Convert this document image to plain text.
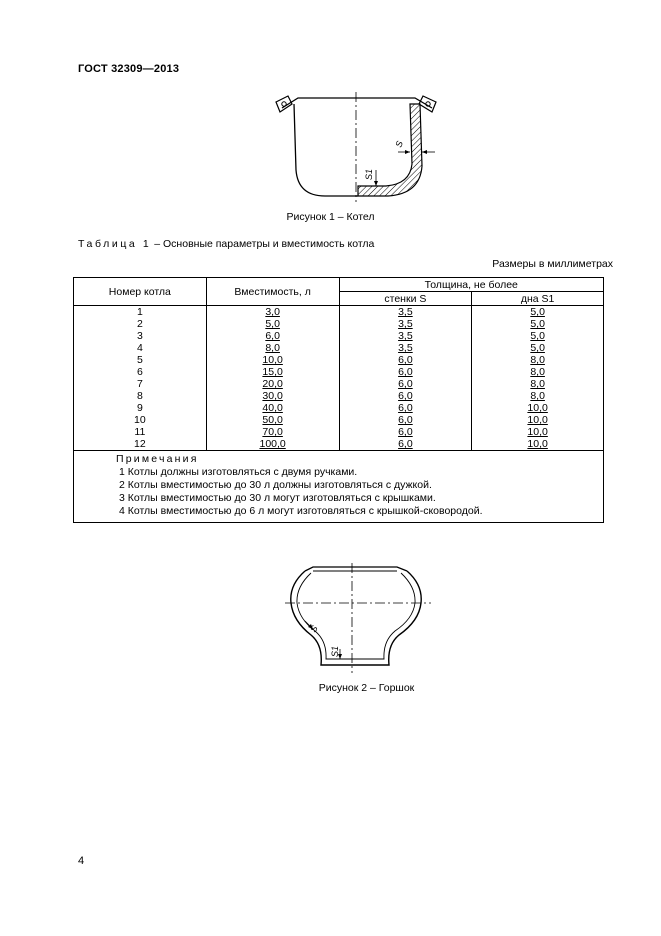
ГОСТ 32309—2013
S
S1
Рисунок 1 – Котел
Таблица 1 – Основные параметры и вместимость котла
Размеры в миллиметрах
Номер котла	Вместимость, л	Толщина, не более	
		стенки S	дна S1
1	3,0	3,5	5,0
2	5,0	3,5	5,0
3	6,0	3,5	5,0
4	8,0	3,5	5,0
5	10,0	6,0	8,0
6	15,0	6,0	8,0
7	20,0	6,0	8,0
8	30,0	6,0	8,0
9	40,0	6,0	10,0
10	50,0	6,0	10,0
11	70,0	6,0	10,0
12	100,0	6,0	10,0

Примечания
1 Котлы должны изготовляться с двумя ручками.
2 Котлы вместимостью до 30 л должны изготовляться с дужкой.
3 Котлы вместимостью до 30 л могут изготовляться с крышками.
4 Котлы вместимостью до 6 л могут изготовляться с крышкой-сковородой.			
S
S1
Рисунок 2 – Горшок
4
